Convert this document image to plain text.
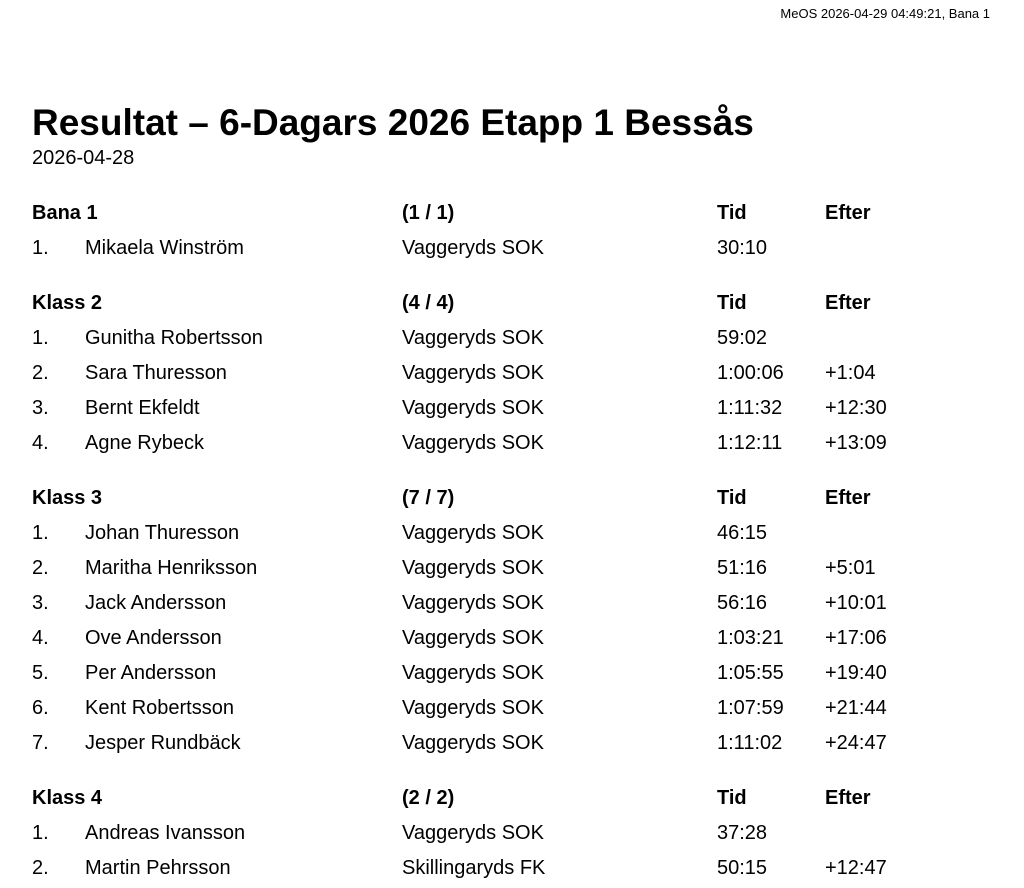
MeOS 2026-04-29 04:49:21, Bana 1
Resultat – 6-Dagars 2026 Etapp 1 Bessås
2026-04-28
Bana 1	(1 / 1)	Tid	Efter
1. Mikaela Winström	Vaggeryds SOK	30:10
Klass 2	(4 / 4)	Tid	Efter
1. Gunitha Robertsson	Vaggeryds SOK	59:02
2. Sara Thuresson	Vaggeryds SOK	1:00:06 +1:04
3. Bernt Ekfeldt	Vaggeryds SOK	1:11:32 +12:30
4. Agne Rybeck	Vaggeryds SOK	1:12:11 +13:09
Klass 3	(7 / 7)	Tid	Efter
1. Johan Thuresson	Vaggeryds SOK	46:15
2. Maritha Henriksson	Vaggeryds SOK	51:16	+5:01
3. Jack Andersson	Vaggeryds SOK	56:16	+10:01
4. Ove Andersson	Vaggeryds SOK	1:03:21 +17:06
5. Per Andersson	Vaggeryds SOK	1:05:55 +19:40
6. Kent Robertsson	Vaggeryds SOK	1:07:59 +21:44
7. Jesper Rundbäck	Vaggeryds SOK	1:11:02 +24:47
Klass 4	(2 / 2)	Tid	Efter
1. Andreas Ivansson	Vaggeryds SOK	37:28
2. Martin Pehrsson	Skillingaryds FK	50:15	+12:47
